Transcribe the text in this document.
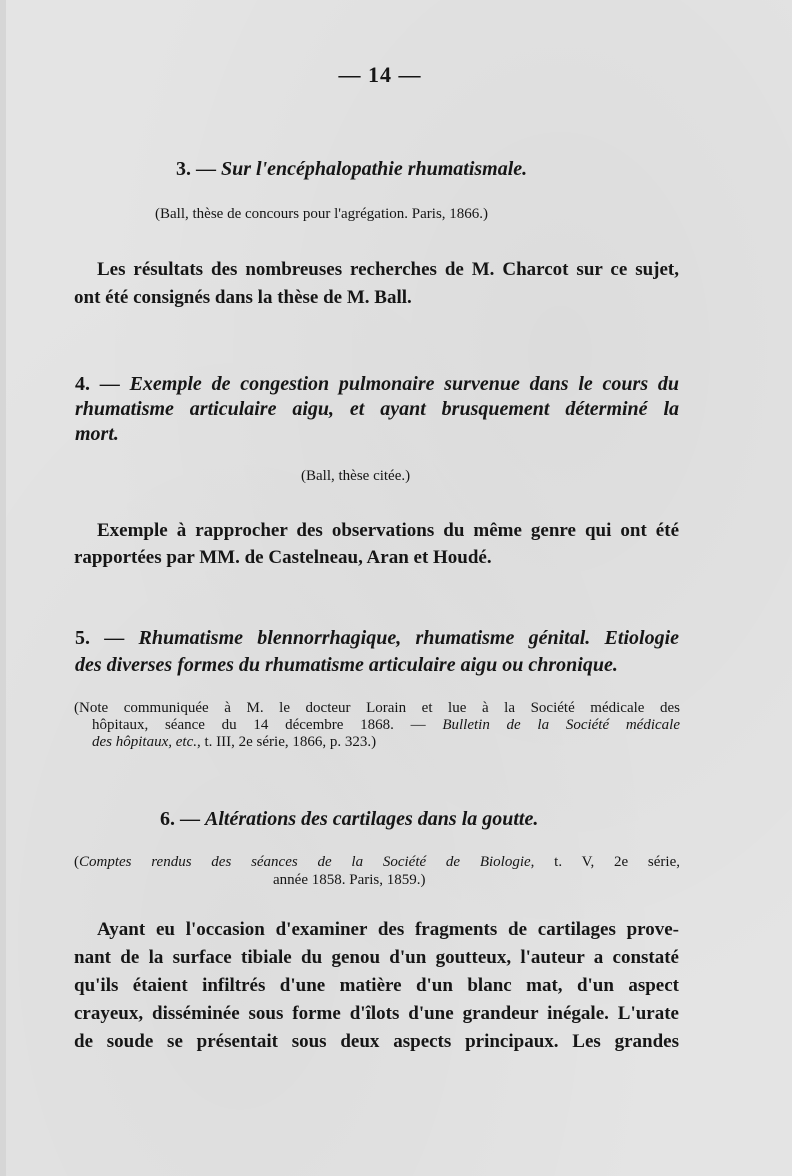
— 14 —

3. — Sur l'encéphalopathie rhumatismale.

(Ball, thèse de concours pour l'agrégation. Paris, 1866.)

Les résultats des nombreuses recherches de M. Charcot sur ce sujet,

ont été consignés dans la thèse de M. Ball.

4. — Exemple de congestion pulmonaire survenue dans le cours du

rhumatisme articulaire aigu, et ayant brusquement déterminé la

mort.

(Ball, thèse citée.)

Exemple à rapprocher des observations du même genre qui ont été

rapportées par MM. de Castelneau, Aran et Houdé.

5. — Rhumatisme blennorrhagique, rhumatisme génital. Etiologie

des diverses formes du rhumatisme articulaire aigu ou chronique.

(Note communiquée à M. le docteur Lorain et lue à la Société médicale des

hôpitaux, séance du 14 décembre 1868. — Bulletin de la Société médicale

des hôpitaux, etc., t. III, 2e série, 1866, p. 323.)

6. — Altérations des cartilages dans la goutte.

(Comptes rendus des séances de la Société de Biologie, t. V, 2e série,

année 1858. Paris, 1859.)

Ayant eu l'occasion d'examiner des fragments de cartilages prove-

nant de la surface tibiale du genou d'un goutteux, l'auteur a constaté

qu'ils étaient infiltrés d'une matière d'un blanc mat, d'un aspect

crayeux, disséminée sous forme d'îlots d'une grandeur inégale. L'urate

de soude se présentait sous deux aspects principaux. Les grandes
